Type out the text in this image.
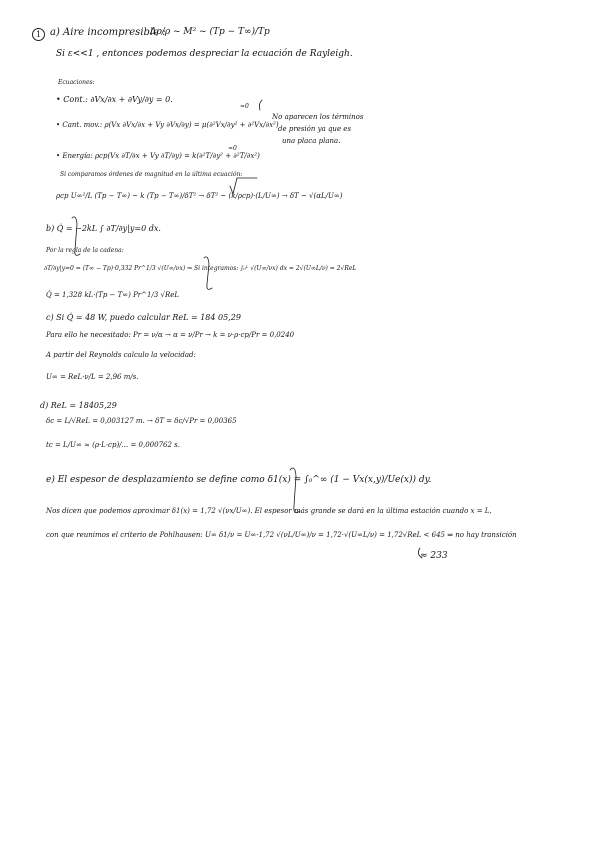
1 a) Aire incompresible :
Δρ/ρ ~ M² ~ (Tp − T∞)/Tp
Si ε<<1 , entonces podemos despreciar la ecuación de Rayleigh.
Ecuaciones:
• Cont.: ∂Vx/∂x + ∂Vy/∂y = 0.
• Cant. mov.: ρ(Vx ∂Vx/∂x + Vy ∂Vx/∂y) = μ(∂²Vx/∂y² + ∂²Vx/∂x²)
≈0
No aparecen los términos
de presión ya que es
una placa plana.
• Energía: ρcp(Vx ∂T/∂x + Vy ∂T/∂y) = k(∂²T/∂y² + ∂²T/∂x²)
≈0
Si comparamos órdenes de magnitud en la última ecuación:
ρcp U∞²/L (Tp − T∞) ~ k (Tp − T∞)/δT² → δT² ~ (k/ρcp)·(L/U∞) → δT ~ √(αL/U∞)
b) Q̇ = −2kL ∫ ∂T/∂y|y=0 dx.
Por la regla de la cadena:
∂T/∂y|y=0 = (T∞ − Tp)·0,332 Pr^1/3 √(U∞/νx) ⇒ Si integramos: ∫₀ᴸ √(U∞/νx) dx = 2√(U∞L/ν) = 2√ReL
Q̇ = 1,328 kL·(Tp − T∞) Pr^1/3 √ReL
c) Si Q̇ = 48 W, puedo calcular ReL = 184 05,29
Para ello he necesitado: Pr = ν/α → α = ν/Pr → k = ν·ρ·cp/Pr = 0,0240
A partir del Reynolds calculo la velocidad:
U∞ = ReL·ν/L = 2,96 m/s.
d) ReL = 18405,29
δc = L/√ReL = 0,003127 m. → δT = δc/√Pr = 0,00365
tc = L/U∞ ≈ (ρ·L·cp)/... = 0,000762 s.
e) El espesor de desplazamiento se define como δ1(x) = ∫₀^∞ (1 − Vx(x,y)/Ue(x)) dy.
Nos dicen que podemos aproximar δ1(x) = 1,72 √(νx/U∞). El espesor más grande se dará en la última estación cuando x = L,
con que reunimos el criterio de Pohlhausen: U∞ δ1/ν = U∞·1,72 √(νL/U∞)/ν = 1,72·√(U∞L/ν) = 1,72√ReL < 645 ⇒ no hay transición
≈ 233
